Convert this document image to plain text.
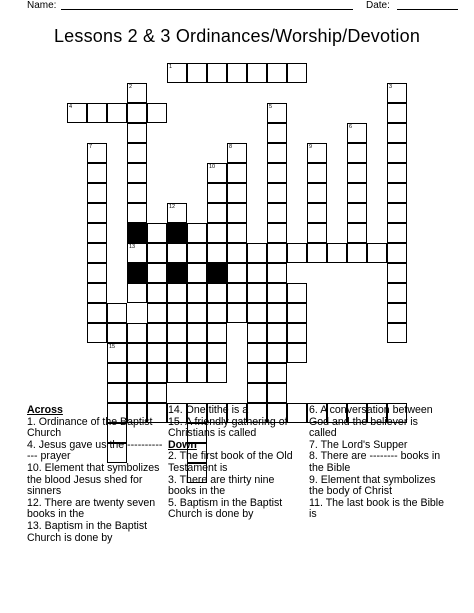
Name:	Date:
Lessons 2 & 3 Ordinances/Worship/Devotion
1
2
13
3
4	5
6
7	8	9
10
12
15

Across

1. Ordinance of the Baptist Church

4. Jesus gave us the ------------- prayer

10. Element that symbolizes the blood Jesus shed for sinners

12. There are twenty seven books in the

13. Baptism in the Baptist Church is done by

14. One tithe is a

15. A friendly gathering of Christians is called

Down

2. The first book of the Old Testament is

3. There are thirty nine books in the

5. Baptism in the Baptist Church is done by

6. A conversation between God and the believer is called

7. The Lord's Supper

8. There are -------- books in the Bible

9. Element that symbolizes the body of Christ

11. The last book is the Bible is
